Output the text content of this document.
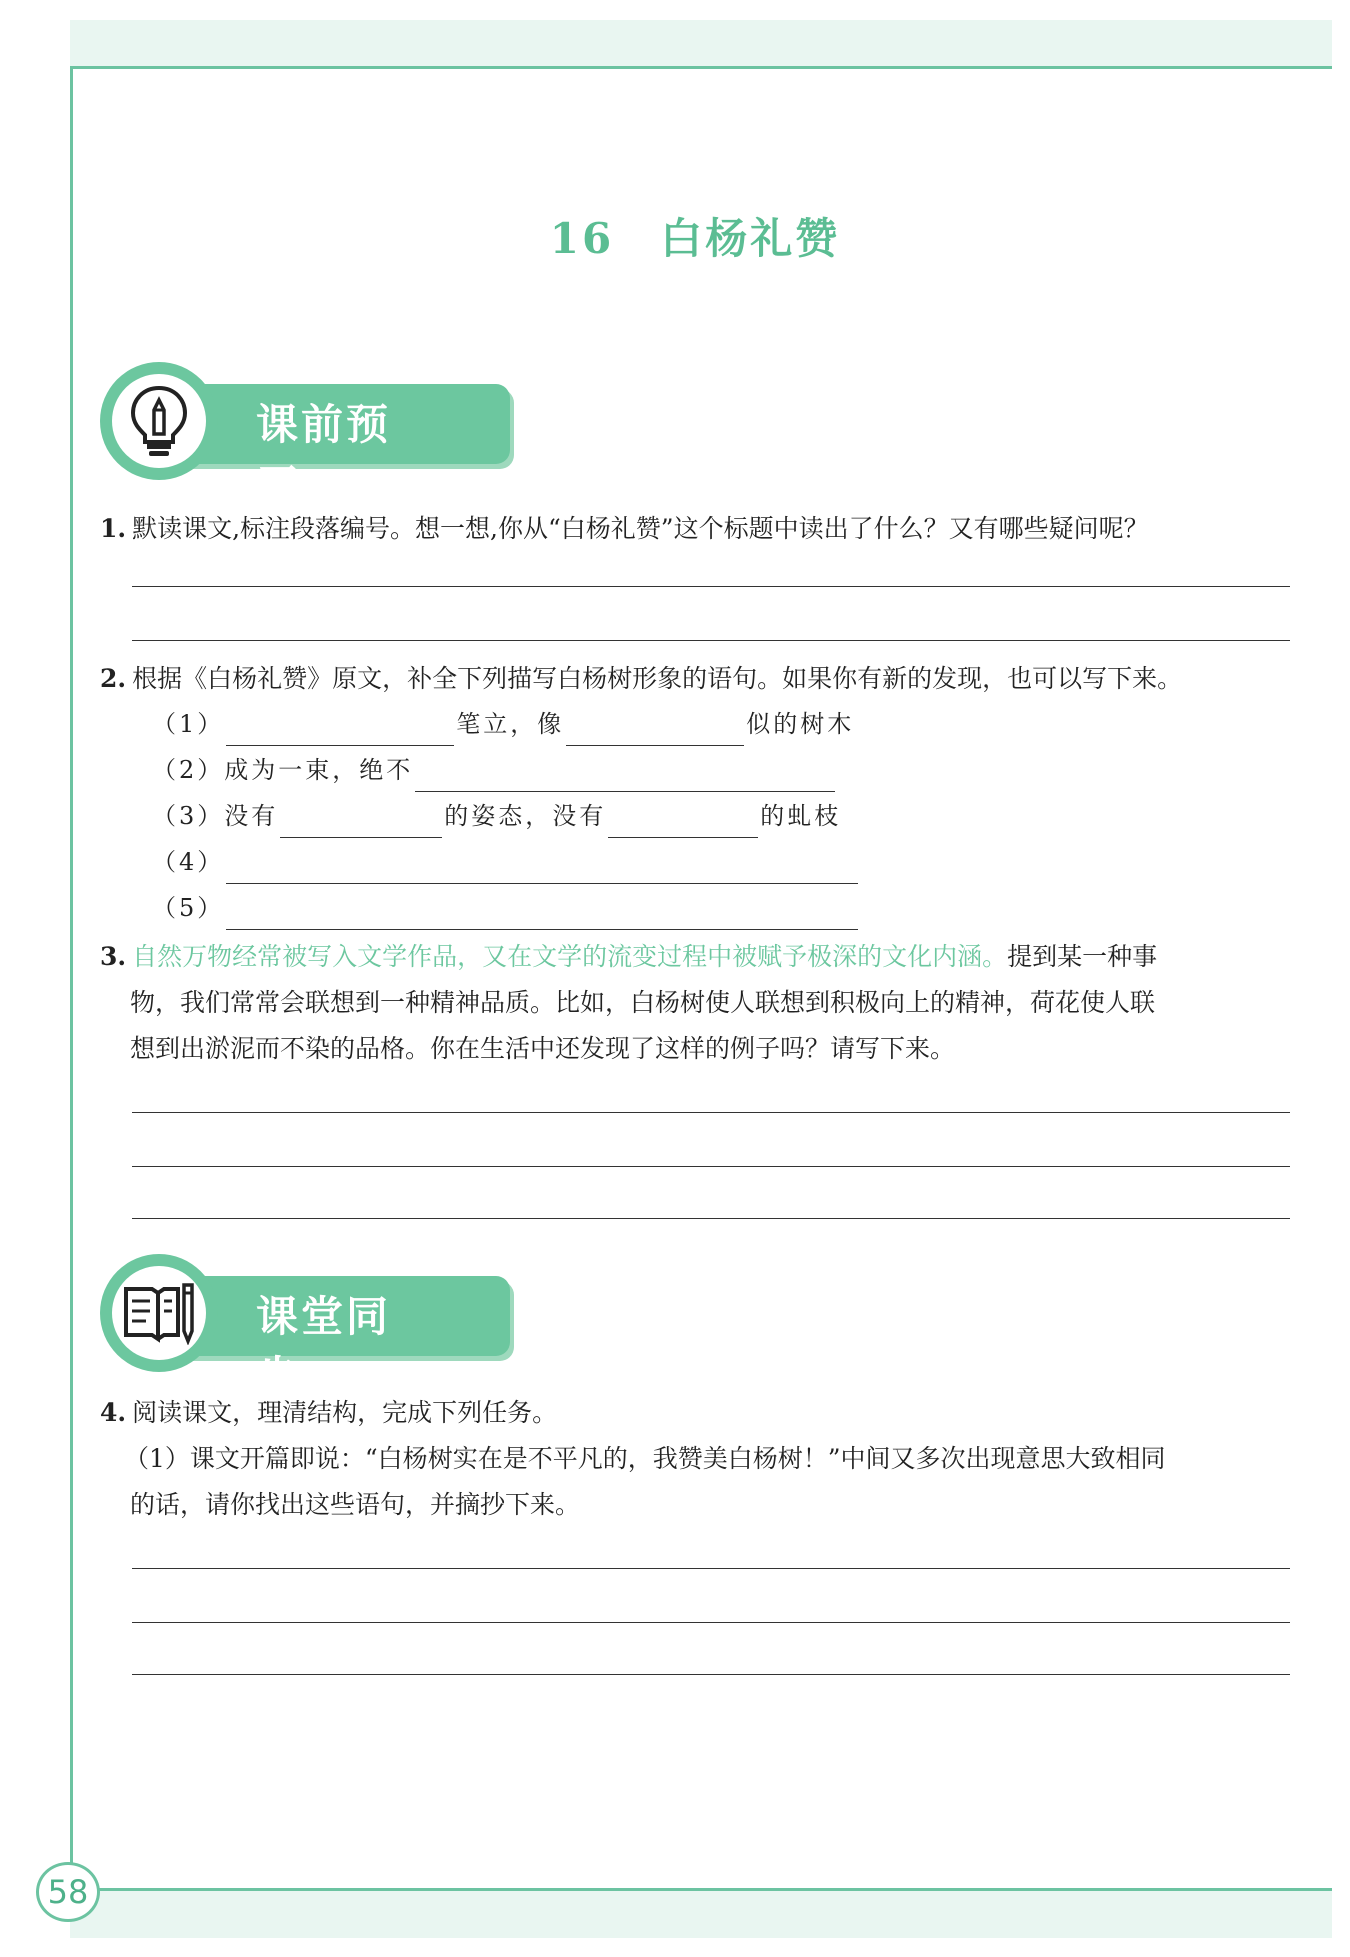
58
16 白杨礼赞
课前预习
1. 默读课文,标注段落编号。想一想,你从“白杨礼赞”这个标题中读出了什么？又有哪些疑问呢？
2. 根据《白杨礼赞》原文，补全下列描写白杨树形象的语句。如果你有新的发现，也可以写下来。
（1）	笔立，像	似的树木
（2）成为一束，绝不
（3）没有	的姿态，没有	的虬枝
（4）
（5）
3. 自然万物经常被写入文学作品，又在文学的流变过程中被赋予极深的文化内涵。提到某一种事
物，我们常常会联想到一种精神品质。比如，白杨树使人联想到积极向上的精神，荷花使人联
想到出淤泥而不染的品格。你在生活中还发现了这样的例子吗？请写下来。
课堂同步
4. 阅读课文，理清结构，完成下列任务。
（1）课文开篇即说：“白杨树实在是不平凡的，我赞美白杨树！”中间又多次出现意思大致相同
的话，请你找出这些语句，并摘抄下来。
